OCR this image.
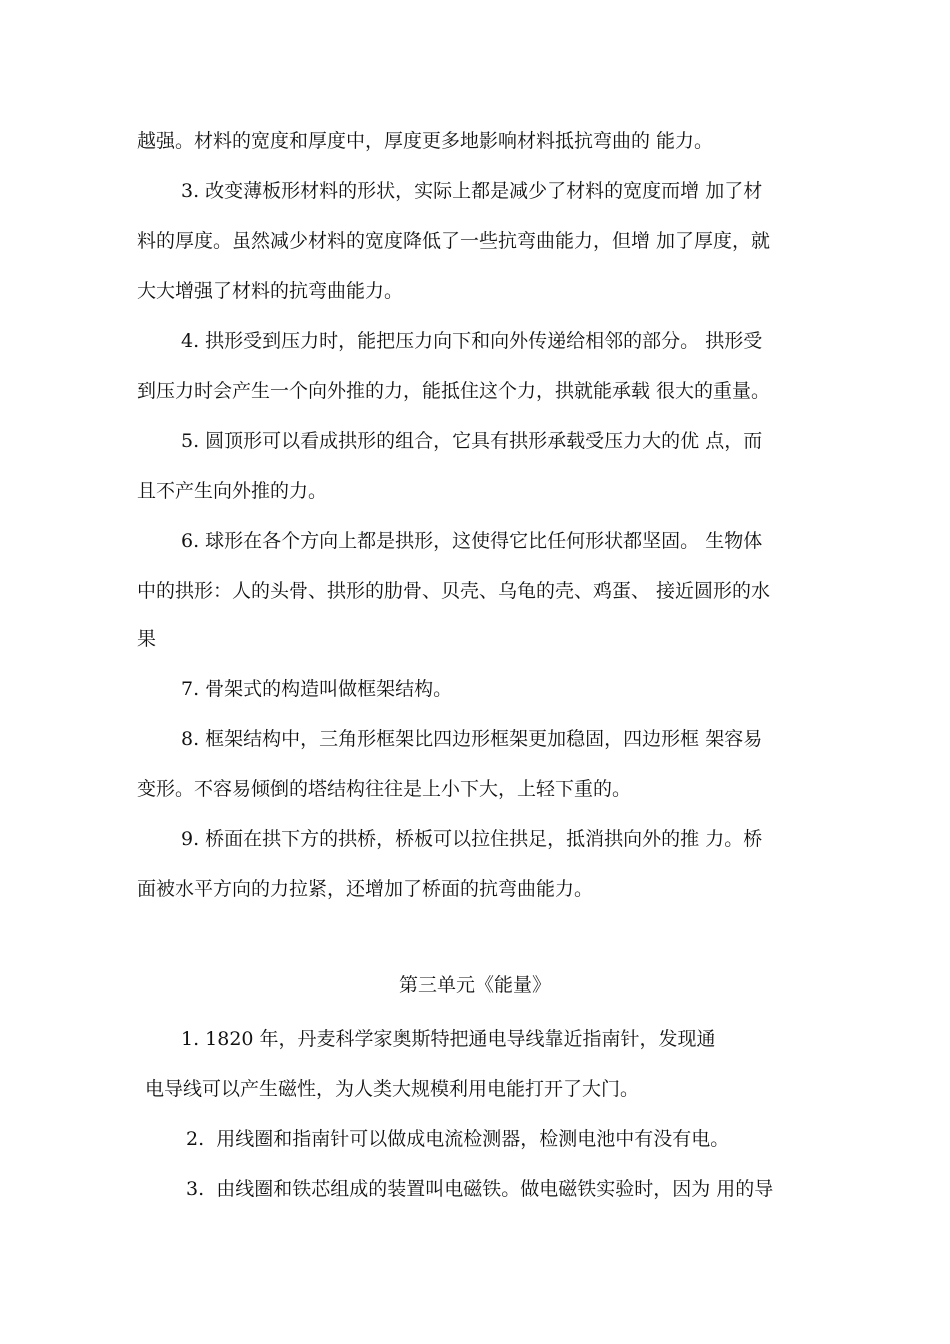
越强。材料的宽度和厚度中，厚度更多地影响材料抵抗弯曲的 能力。
3. 改变薄板形材料的形状，实际上都是减少了材料的宽度而增 加了材
料的厚度。虽然减少材料的宽度降低了一些抗弯曲能力，但增 加了厚度，就
大大增强了材料的抗弯曲能力。
4. 拱形受到压力时，能把压力向下和向外传递给相邻的部分。 拱形受
到压力时会产生一个向外推的力，能抵住这个力，拱就能承载 很大的重量。
5. 圆顶形可以看成拱形的组合，它具有拱形承载受压力大的优 点，而
且不产生向外推的力。
6. 球形在各个方向上都是拱形，这使得它比任何形状都坚固。 生物体
中的拱形：人的头骨、拱形的肋骨、贝壳、乌龟的壳、鸡蛋、 接近圆形的水
果
7. 骨架式的构造叫做框架结构。
8. 框架结构中，三角形框架比四边形框架更加稳固，四边形框 架容易
变形。不容易倾倒的塔结构往往是上小下大，上轻下重的。
9. 桥面在拱下方的拱桥，桥板可以拉住拱足，抵消拱向外的推 力。桥
面被水平方向的力拉紧，还增加了桥面的抗弯曲能力。
第三单元《能量》
1. 1820 年，丹麦科学家奥斯特把通电导线靠近指南针，发现通
电导线可以产生磁性，为人类大规模利用电能打开了大门。
2.  用线圈和指南针可以做成电流检测器，检测电池中有没有电。
3.  由线圈和铁芯组成的装置叫电磁铁。做电磁铁实验时，因为 用的导
